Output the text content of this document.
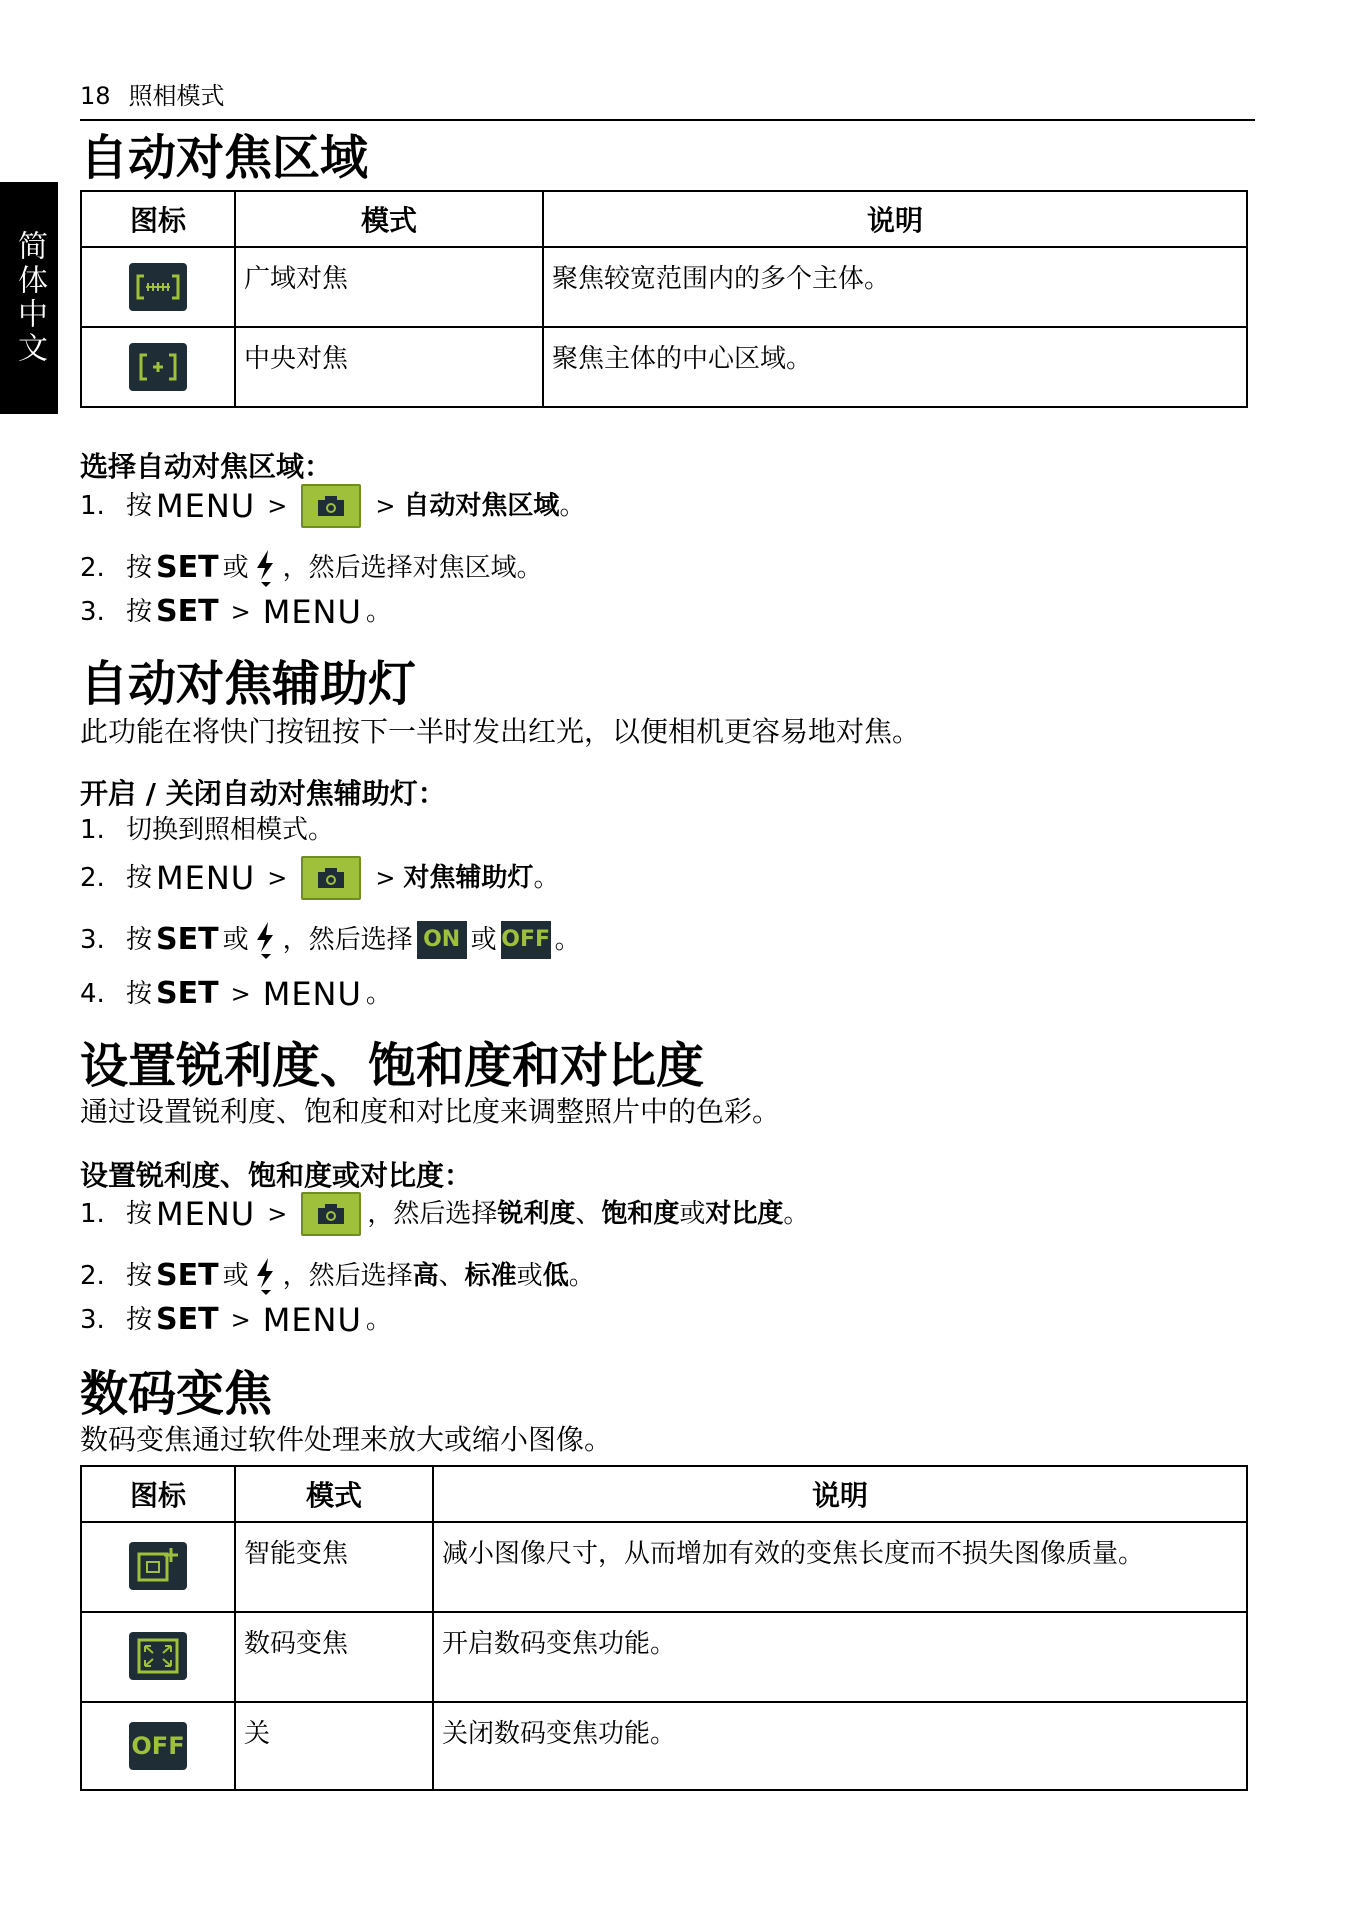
简体中文
18 照相模式
自动对焦区域
图标	模式	说明

	广域对焦	聚焦较宽范围内的多个主体。

	中央对焦	聚焦主体的中心区域。
选择自动对焦区域：
1. 按 MENU >	> 自动对焦区域 。
2. 按 SET 或 ，然后选择对焦区域。
3. 按 SET > MENU 。
自动对焦辅助灯
此功能在将快门按钮按下一半时发出红光，以便相机更容易地对焦。
开启 / 关闭自动对焦辅助灯：
1. 切换到照相模式。
2. 按 MENU >	> 对焦辅助灯 。
3. 按 SET 或 ，然后选择 ON 或 OFF 。
4. 按 SET > MENU 。
设置锐利度、饱和度和对比度
通过设置锐利度、饱和度和对比度来调整照片中的色彩。
设置锐利度、饱和度或对比度：
1. 按 MENU >	，然后选择 锐利度 、 饱和度 或 对比度 。
2. 按 SET 或 ，然后选择 高 、 标准 或 低 。
3. 按 SET > MENU 。
数码变焦
数码变焦通过软件处理来放大或缩小图像。
图标	模式	说明

	智能变焦	减小图像尺寸，从而增加有效的变焦长度而不损失图像质量。

	数码变焦	开启数码变焦功能。
OFF	关	关闭数码变焦功能。
